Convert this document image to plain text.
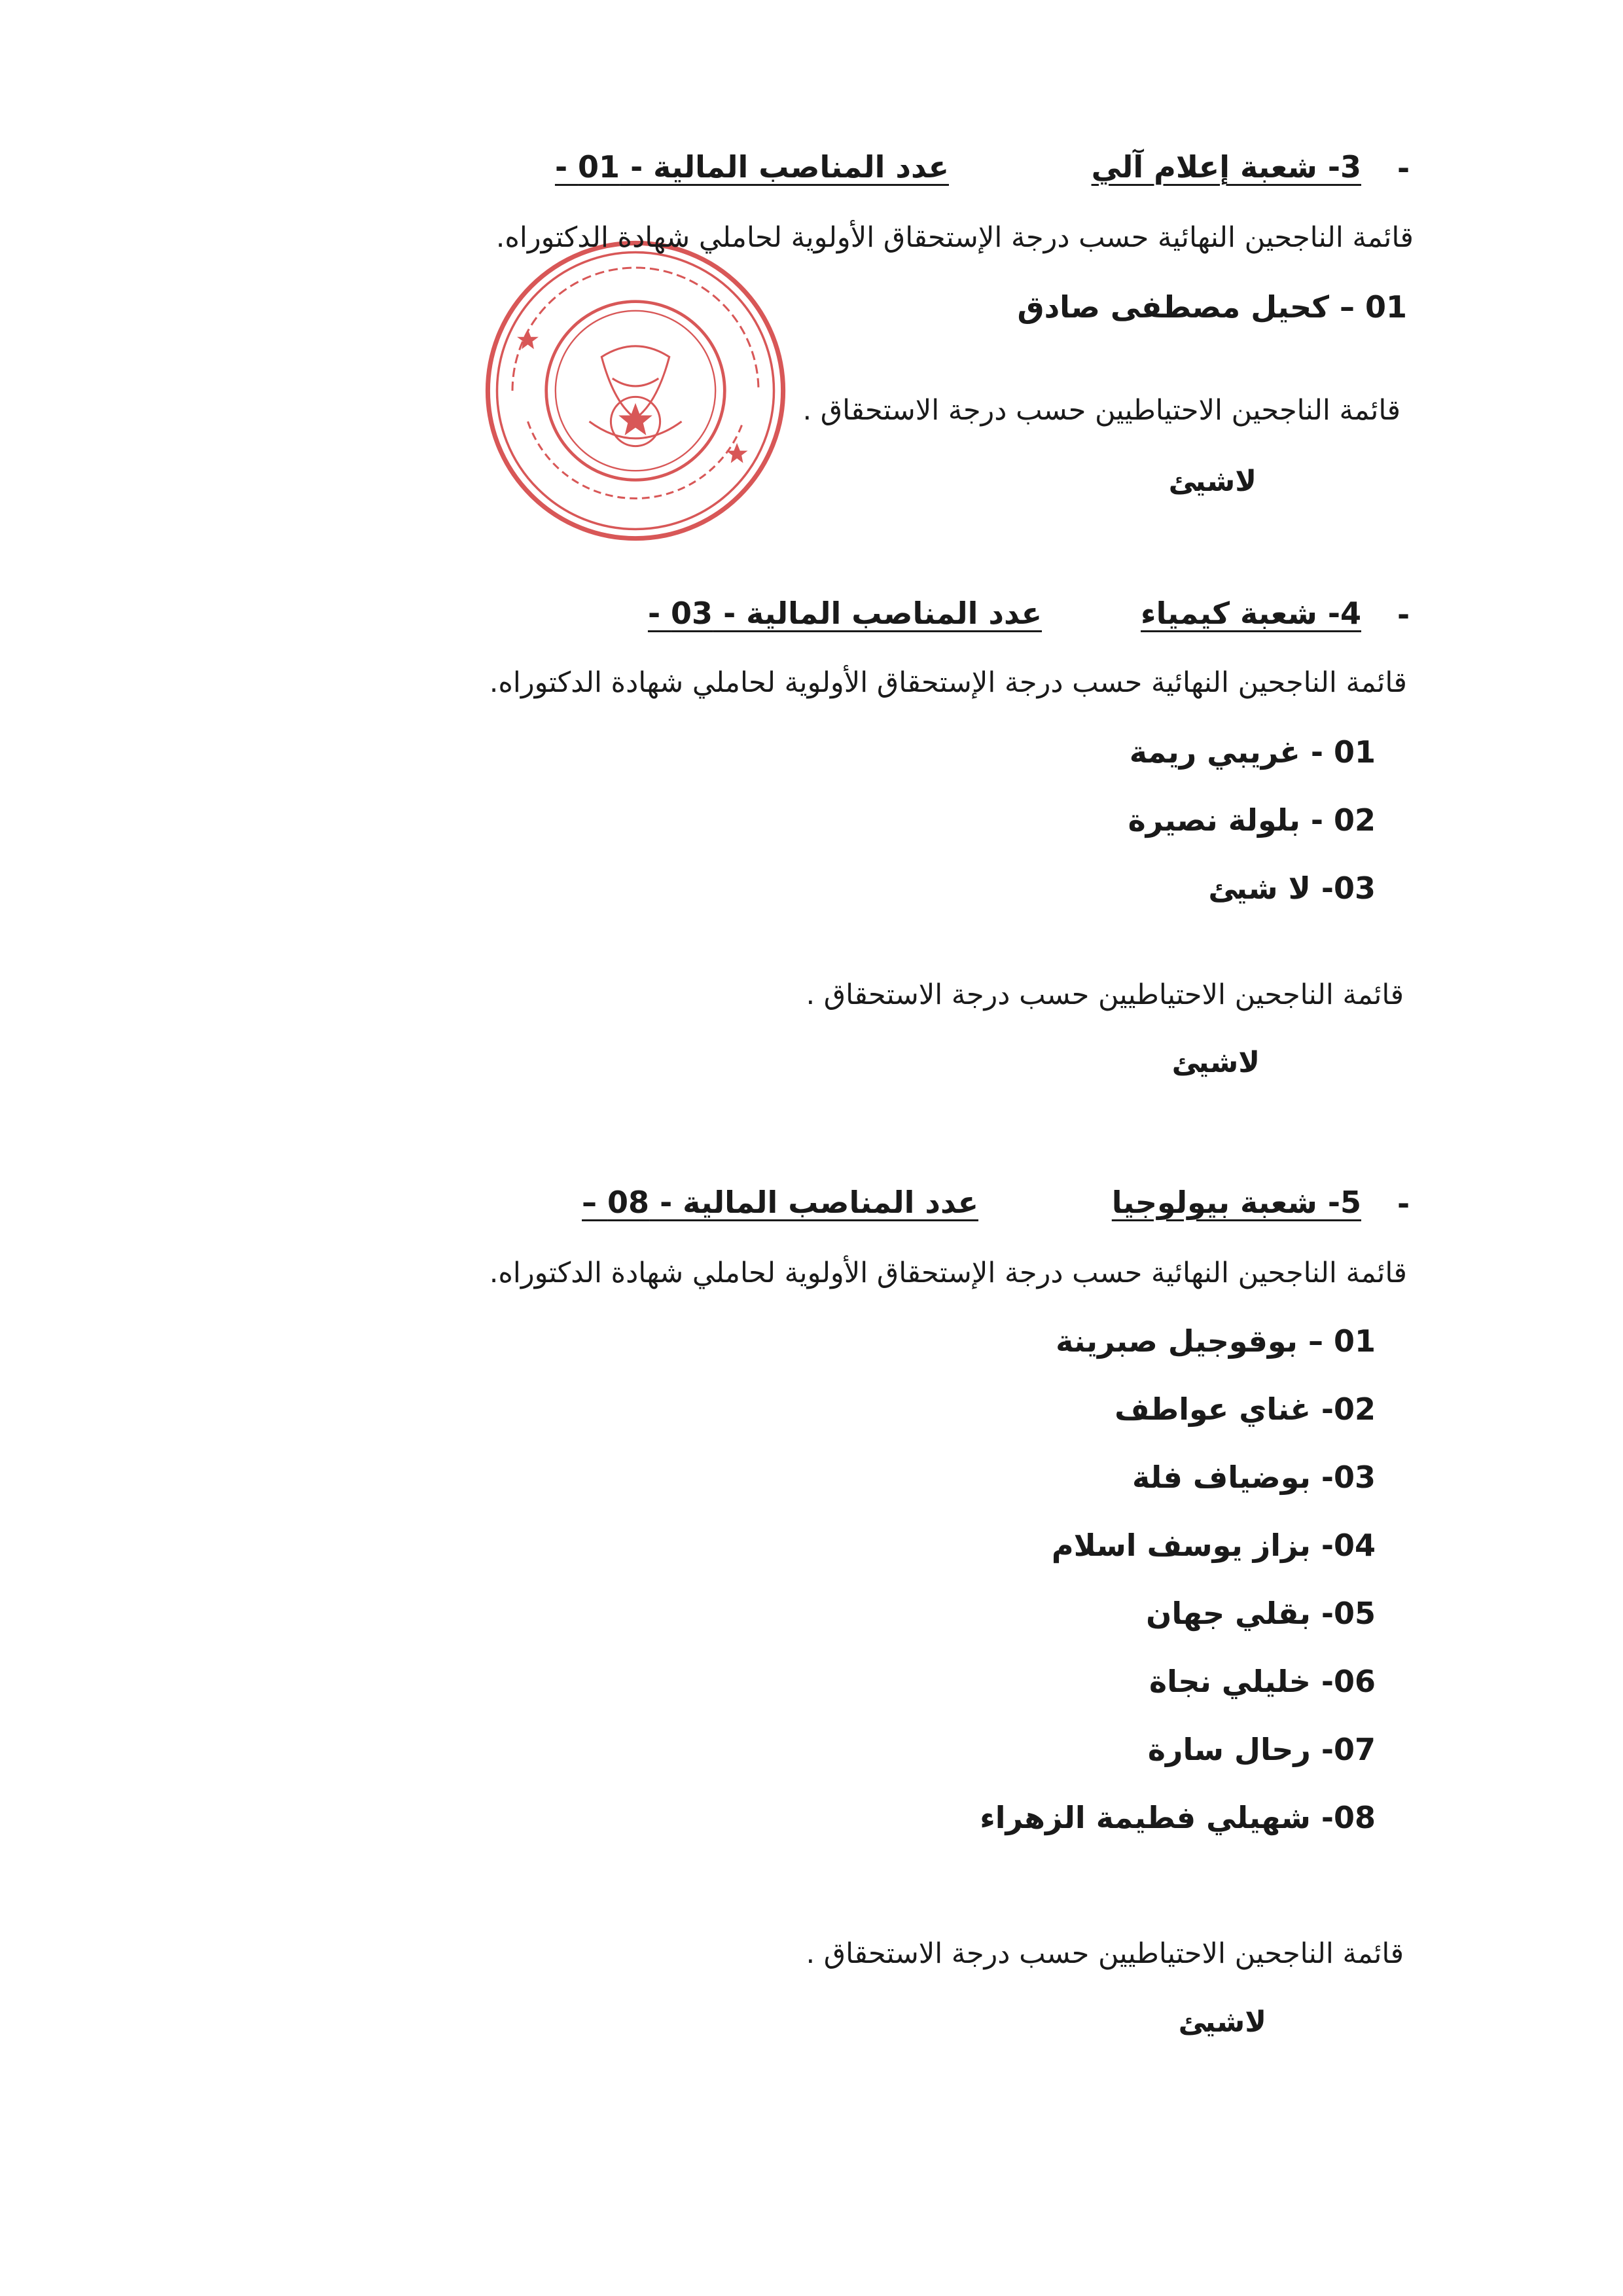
-
3- شعبة إعلام آلي
عدد المناصب المالية - 01 -
قائمة الناجحين النهائية حسب درجة الإستحقاق الأولوية لحاملي شهادة الدكتوراه.
01 – كحيل مصطفى صادق
قائمة الناجحين الاحتياطيين حسب درجة الاستحقاق .
لاشيئ
-
4- شعبة كيمياء
عدد المناصب المالية - 03 -
قائمة الناجحين النهائية حسب درجة الإستحقاق الأولوية لحاملي شهادة الدكتوراه.
01 - غريبي ريمة
02 - بلولة نصيرة
03- لا شيئ
قائمة الناجحين الاحتياطيين حسب درجة الاستحقاق .
لاشيئ
-
5- شعبة بيولوجيا
عدد المناصب المالية - 08 –
قائمة الناجحين النهائية حسب درجة الإستحقاق الأولوية لحاملي شهادة الدكتوراه.
01 – بوقوجيل صبرينة
02- غناي عواطف
03- بوضياف فلة
04- بزاز يوسف اسلام
05- بقلي جهان
06- خليلي نجاة
07- رحال سارة
08- شهيلي فطيمة الزهراء
قائمة الناجحين الاحتياطيين حسب درجة الاستحقاق .
لاشيئ
